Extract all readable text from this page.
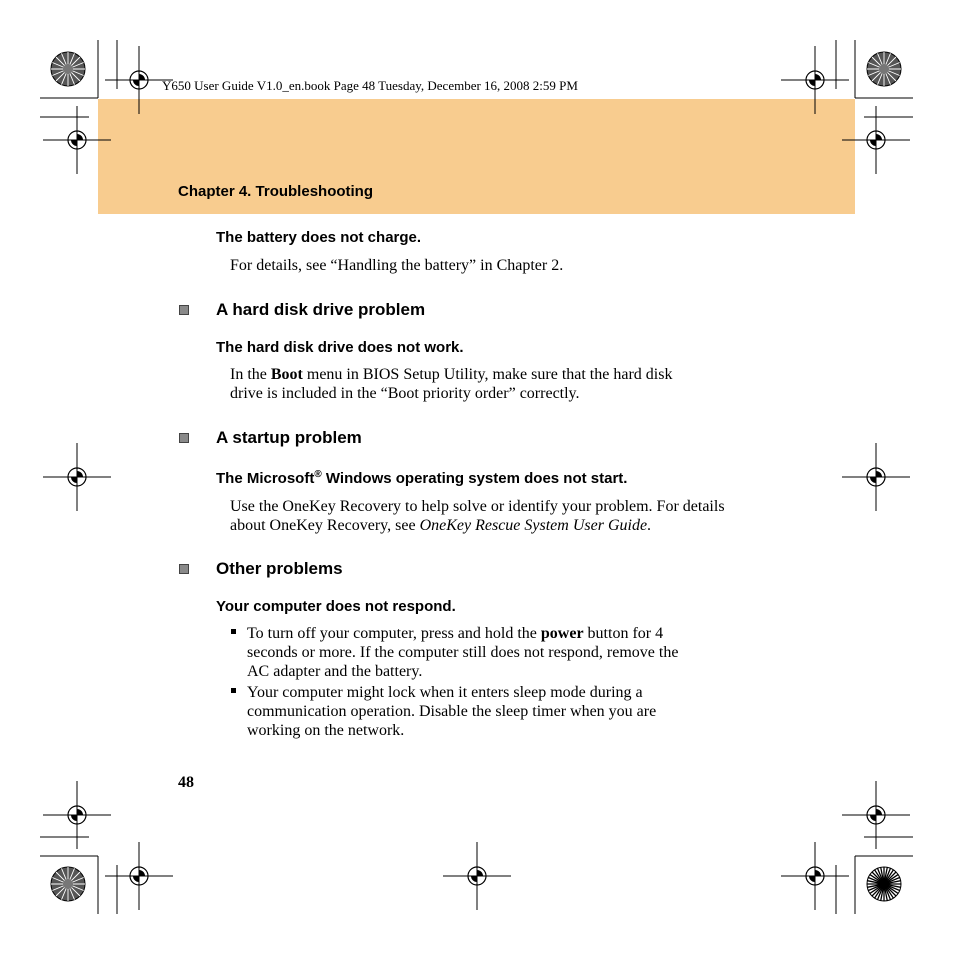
Y650 User Guide V1.0_en.book Page 48 Tuesday, December 16, 2008 2:59 PM
Chapter 4. Troubleshooting
The battery does not charge.
For details, see “Handling the battery” in Chapter 2.
A hard disk drive problem
The hard disk drive does not work.
In the Boot menu in BIOS Setup Utility, make sure that the hard disk
drive is included in the “Boot priority order” correctly.
A startup problem
The Microsoft® Windows operating system does not start.
Use the OneKey Recovery to help solve or identify your problem. For details
about OneKey Recovery, see OneKey Rescue System User Guide.
Other problems
Your computer does not respond.
To turn off your computer, press and hold the power button for 4
seconds or more. If the computer still does not respond, remove the
AC adapter and the battery.
Your computer might lock when it enters sleep mode during a
communication operation. Disable the sleep timer when you are
working on the network.
48
